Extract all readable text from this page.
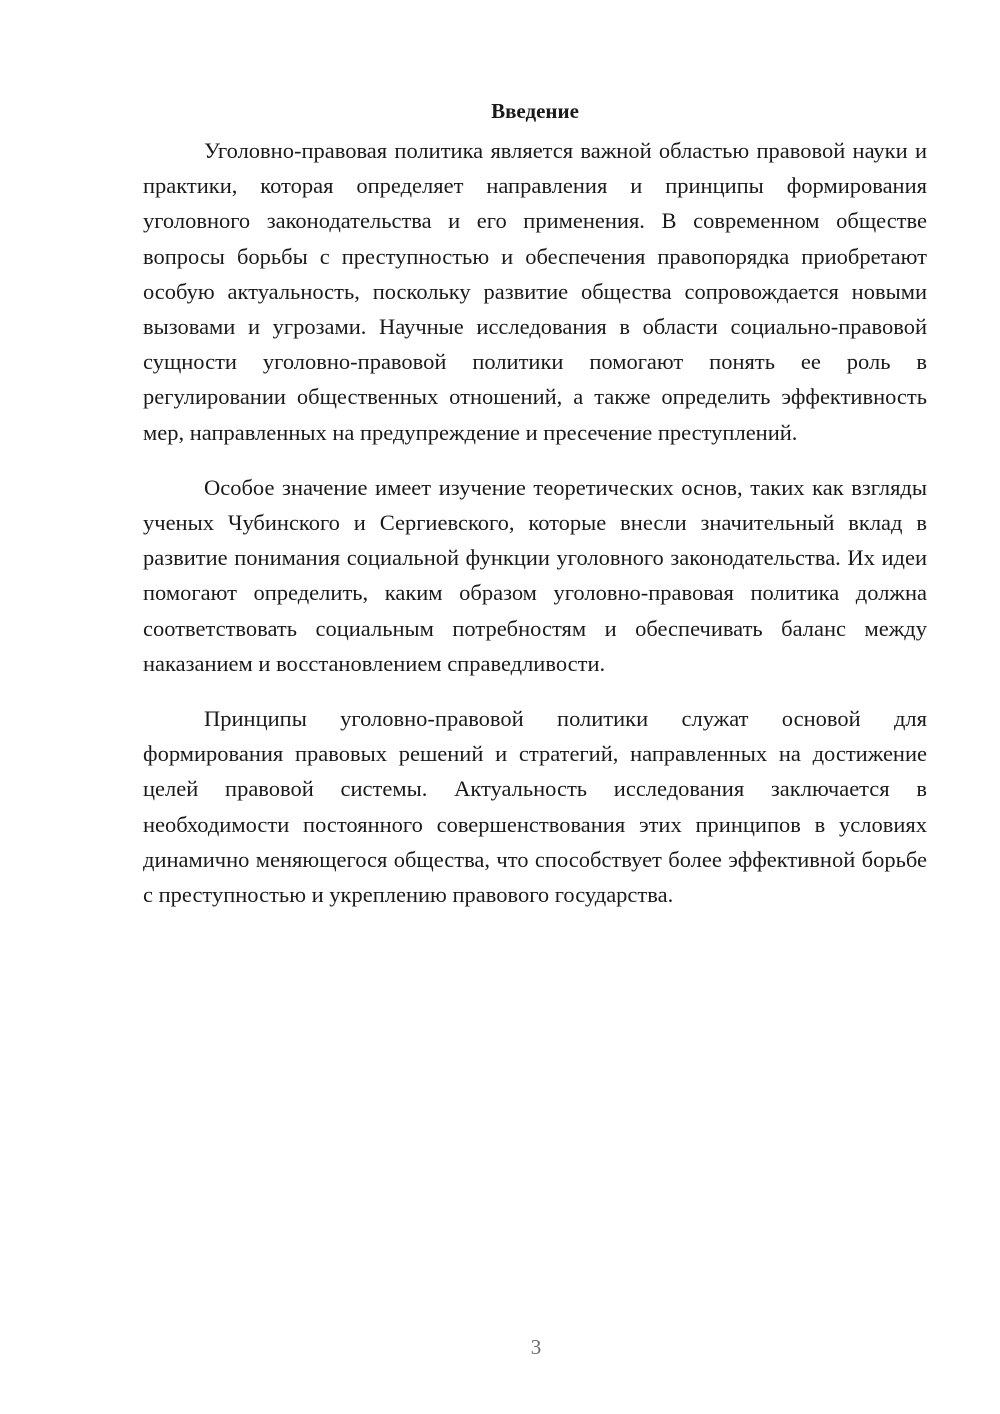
Введение

Уголовно-правовая политика является важной областью правовой науки и практики, которая определяет направления и принципы формирования уголовного законодательства и его применения. В современном обществе вопросы борьбы с преступностью и обеспечения правопорядка приобретают особую актуальность, поскольку развитие общества сопровождается новыми вызовами и угрозами. Научные исследования в области социально-правовой сущности уголовно-правовой политики помогают понять ее роль в регулировании общественных отношений, а также определить эффективность мер, направленных на предупреждение и пресечение преступлений.

Особое значение имеет изучение теоретических основ, таких как взгляды ученых Чубинского и Сергиевского, которые внесли значительный вклад в развитие понимания социальной функции уголовного законодательства. Их идеи помогают определить, каким образом уголовно-правовая политика должна соответствовать социальным потребностям и обеспечивать баланс между наказанием и восстановлением справедливости.

Принципы уголовно-правовой политики служат основой для формирования правовых решений и стратегий, направленных на достижение целей правовой системы. Актуальность исследования заключается в необходимости постоянного совершенствования этих принципов в условиях динамично меняющегося общества, что способствует более эффективной борьбе с преступностью и укреплению правового государства.

3
